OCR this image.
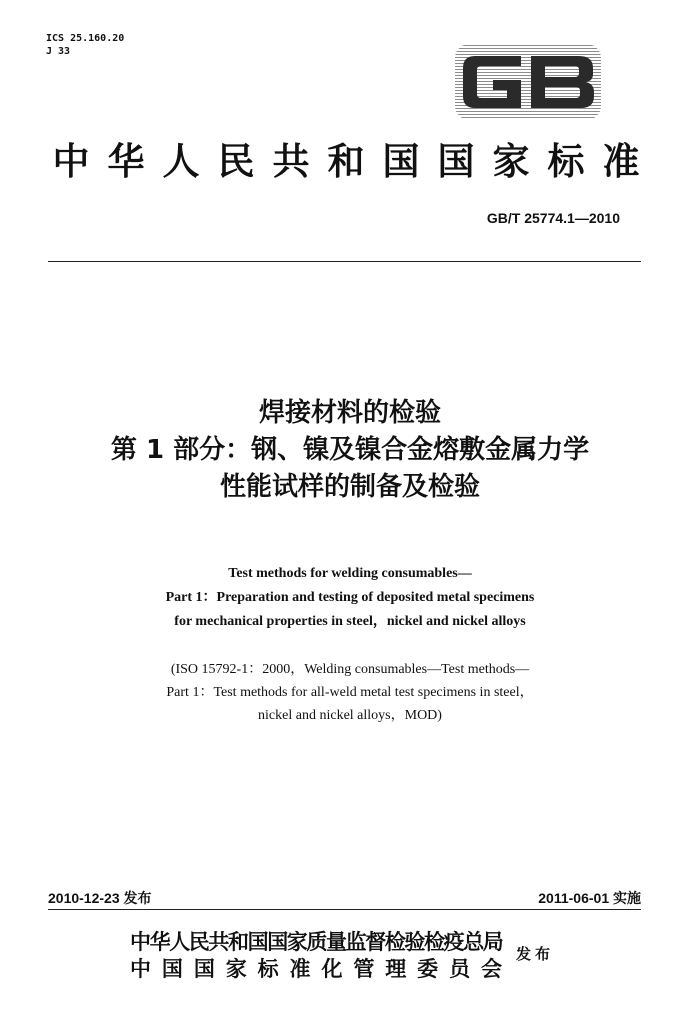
ICS 25.160.20
J 33
中 华 人 民 共 和 国 国 家 标 准
GB/T 25774.1—2010
焊接材料的检验
第 1 部分：钢、镍及镍合金熔敷金属力学
性能试样的制备及检验
Test methods for welding consumables—
Part 1：Preparation and testing of deposited metal specimens
for mechanical properties in steel，nickel and nickel alloys
(ISO 15792-1：2000，Welding consumables—Test methods—
Part 1：Test methods for all-weld metal test specimens in steel，
nickel and nickel alloys，MOD)
2010-12-23 发布	2011-06-01 实施
中华人民共和国国家质量监督检验检疫总局
中 国 国 家 标 准 化 管 理 委 员 会
发布
